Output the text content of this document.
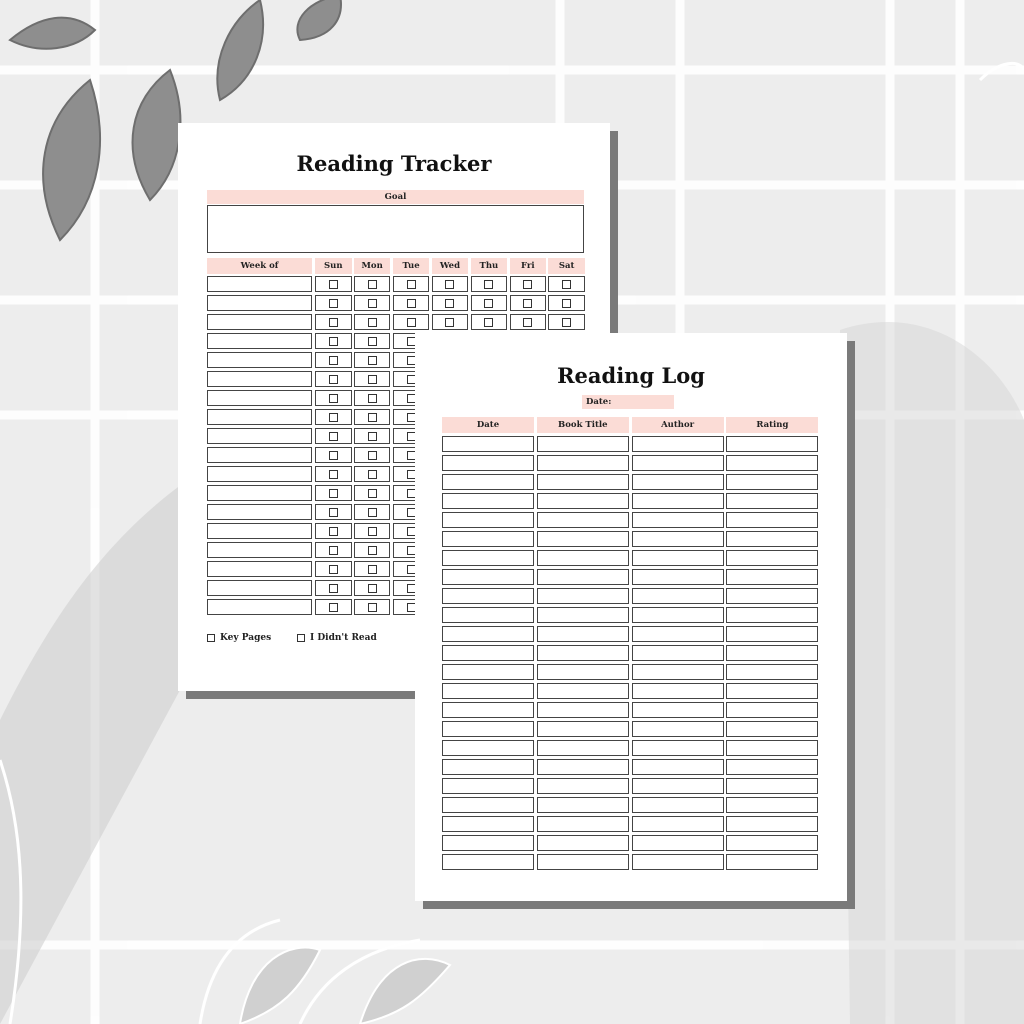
Reading Tracker
Goal
Week of	Sun	Mon	Tue	Wed	Thu	Fri	Sat
Key Pages	I Didn't Read
Reading Log
Date:
Date	Book Title	Author	Rating
